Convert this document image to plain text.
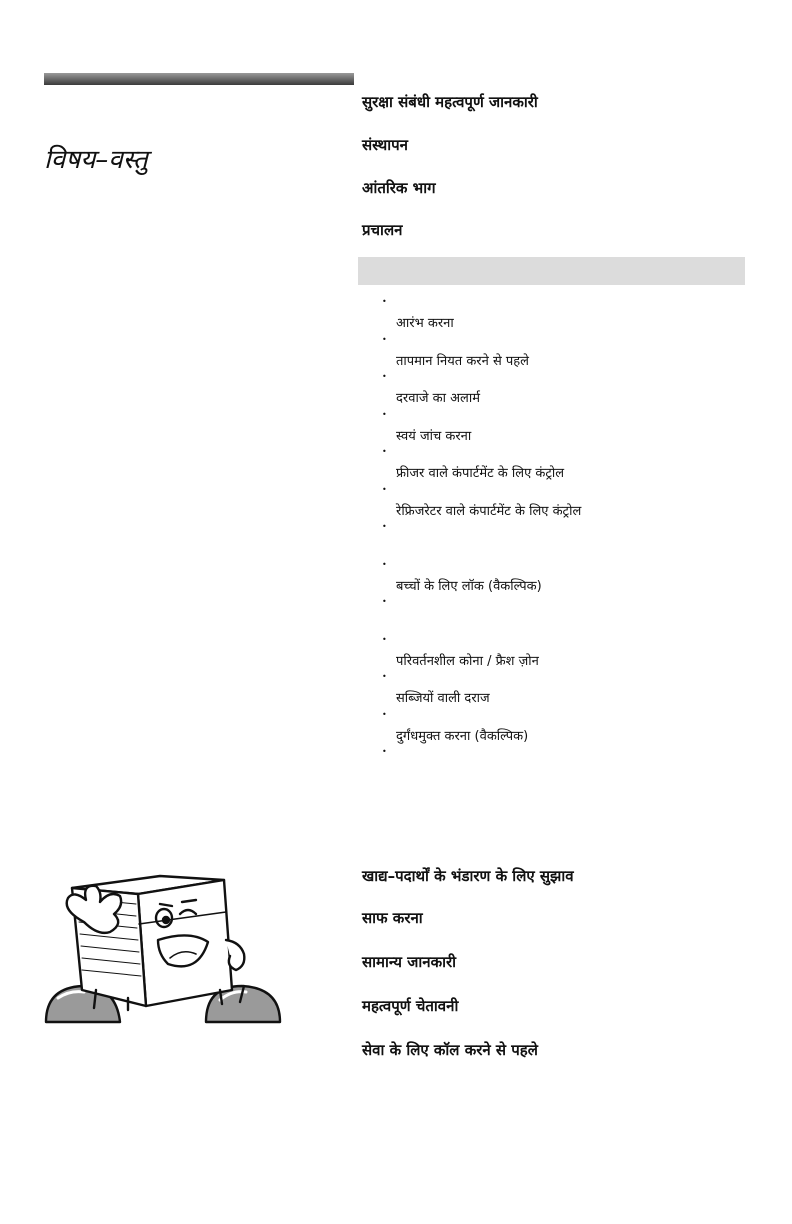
विषय–वस्तु
सुरक्षा संबंधी महत्वपूर्ण जानकारी
संस्थापन
आंतरिक भाग
प्रचालन
•
आरंभ करना
•
तापमान नियत करने से पहले
•
दरवाजे का अलार्म
•
स्वयं जांच करना
•
फ्रीजर वाले कंपार्टमेंट के लिए कंट्रोल
•
रेफ्रिजरेटर वाले कंपार्टमेंट के लिए कंट्रोल
•
•
बच्चों के लिए लॉक (वैकल्पिक)
•
•
परिवर्तनशील कोना / फ्रैश ज़ोन
•
सब्जियों वाली दराज
•
दुर्गंधमुक्त करना (वैकल्पिक)
•
खाद्य–पदार्थों के भंडारण के लिए सुझाव
साफ करना
सामान्य जानकारी
महत्वपूर्ण चेतावनी
सेवा के लिए कॉल करने से पहले
